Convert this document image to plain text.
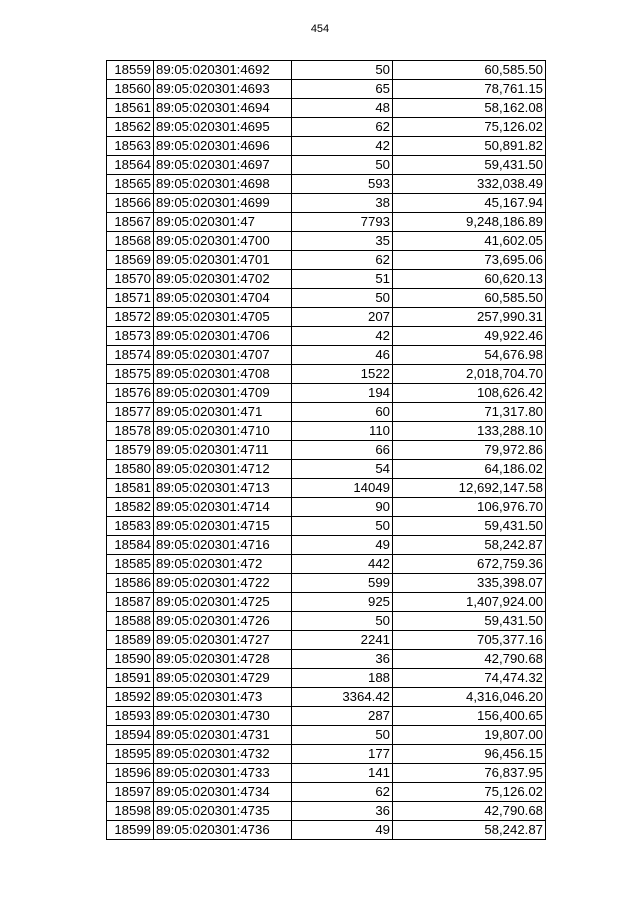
454
18559	89:05:020301:4692	50	60,585.50
18560	89:05:020301:4693	65	78,761.15
18561	89:05:020301:4694	48	58,162.08
18562	89:05:020301:4695	62	75,126.02
18563	89:05:020301:4696	42	50,891.82
18564	89:05:020301:4697	50	59,431.50
18565	89:05:020301:4698	593	332,038.49
18566	89:05:020301:4699	38	45,167.94
18567	89:05:020301:47	7793	9,248,186.89
18568	89:05:020301:4700	35	41,602.05
18569	89:05:020301:4701	62	73,695.06
18570	89:05:020301:4702	51	60,620.13
18571	89:05:020301:4704	50	60,585.50
18572	89:05:020301:4705	207	257,990.31
18573	89:05:020301:4706	42	49,922.46
18574	89:05:020301:4707	46	54,676.98
18575	89:05:020301:4708	1522	2,018,704.70
18576	89:05:020301:4709	194	108,626.42
18577	89:05:020301:471	60	71,317.80
18578	89:05:020301:4710	110	133,288.10
18579	89:05:020301:4711	66	79,972.86
18580	89:05:020301:4712	54	64,186.02
18581	89:05:020301:4713	14049	12,692,147.58
18582	89:05:020301:4714	90	106,976.70
18583	89:05:020301:4715	50	59,431.50
18584	89:05:020301:4716	49	58,242.87
18585	89:05:020301:472	442	672,759.36
18586	89:05:020301:4722	599	335,398.07
18587	89:05:020301:4725	925	1,407,924.00
18588	89:05:020301:4726	50	59,431.50
18589	89:05:020301:4727	2241	705,377.16
18590	89:05:020301:4728	36	42,790.68
18591	89:05:020301:4729	188	74,474.32
18592	89:05:020301:473	3364.42	4,316,046.20
18593	89:05:020301:4730	287	156,400.65
18594	89:05:020301:4731	50	19,807.00
18595	89:05:020301:4732	177	96,456.15
18596	89:05:020301:4733	141	76,837.95
18597	89:05:020301:4734	62	75,126.02
18598	89:05:020301:4735	36	42,790.68
18599	89:05:020301:4736	49	58,242.87
